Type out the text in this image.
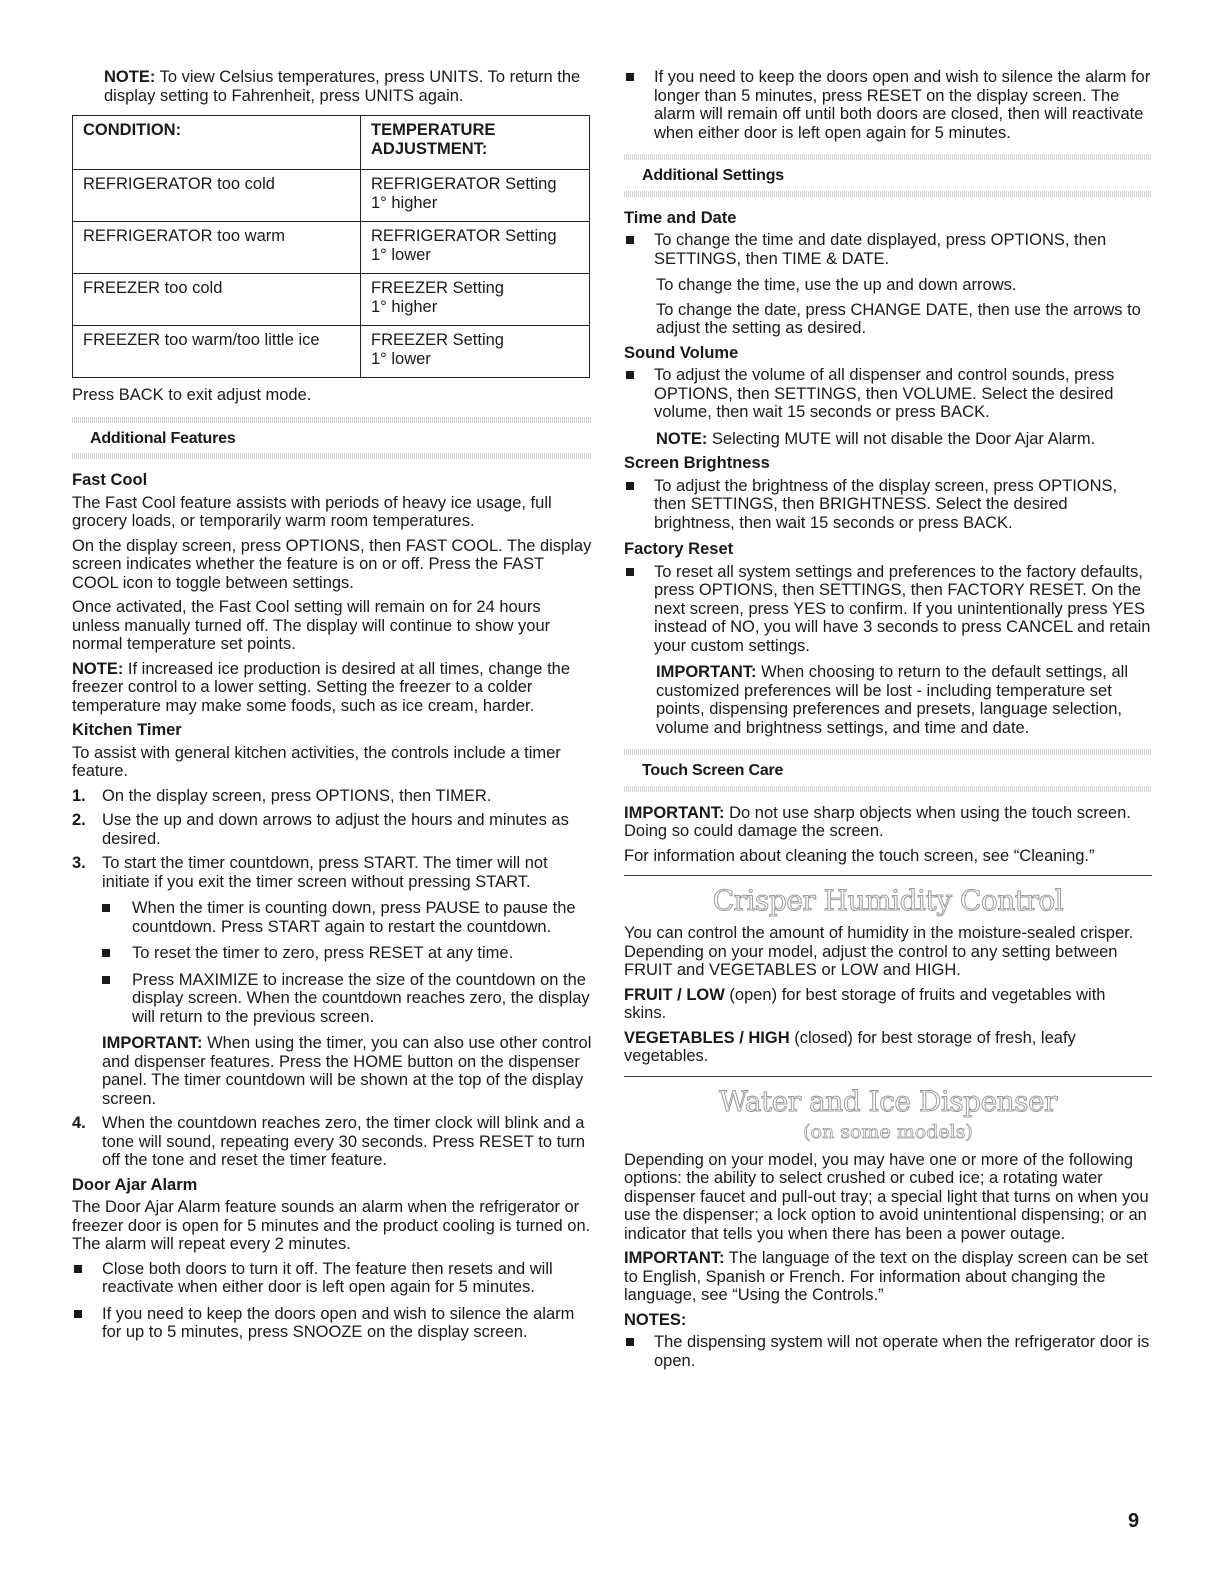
NOTE: To view Celsius temperatures, press UNITS. To return the display setting to Fahrenheit, press UNITS again.

CONDITION:	TEMPERATURE
ADJUSTMENT:
REFRIGERATOR too cold	REFRIGERATOR Setting
1° higher
REFRIGERATOR too warm	REFRIGERATOR Setting
1° lower
FREEZER too cold	FREEZER Setting
1° higher
FREEZER too warm/too little ice	FREEZER Setting
1° lower

Press BACK to exit adjust mode.

Additional Features
Fast Cool

The Fast Cool feature assists with periods of heavy ice usage, full grocery loads, or temporarily warm room temperatures.

On the display screen, press OPTIONS, then FAST COOL. The display screen indicates whether the feature is on or off. Press the FAST COOL icon to toggle between settings.

Once activated, the Fast Cool setting will remain on for 24 hours unless manually turned off. The display will continue to show your normal temperature set points.

NOTE: If increased ice production is desired at all times, change the freezer control to a lower setting. Setting the freezer to a colder temperature may make some foods, such as ice cream, harder.

Kitchen Timer

To assist with general kitchen activities, the controls include a timer feature.

1. On the display screen, press OPTIONS, then TIMER.
2. Use the up and down arrows to adjust the hours and minutes as desired.
3. To start the timer countdown, press START. The timer will not initiate if you exit the timer screen without pressing START.
When the timer is counting down, press PAUSE to pause the countdown. Press START again to restart the countdown.
To reset the timer to zero, press RESET at any time.
Press MAXIMIZE to increase the size of the countdown on the display screen. When the countdown reaches zero, the display will return to the previous screen.

IMPORTANT: When using the timer, you can also use other control and dispenser features. Press the HOME button on the dispenser panel. The timer countdown will be shown at the top of the display screen.

4. When the countdown reaches zero, the timer clock will blink and a tone will sound, repeating every 30 seconds. Press RESET to turn off the tone and reset the timer feature.
Door Ajar Alarm

The Door Ajar Alarm feature sounds an alarm when the refrigerator or freezer door is open for 5 minutes and the product cooling is turned on. The alarm will repeat every 2 minutes.

Close both doors to turn it off. The feature then resets and will reactivate when either door is left open again for 5 minutes.
If you need to keep the doors open and wish to silence the alarm for up to 5 minutes, press SNOOZE on the display screen.
If you need to keep the doors open and wish to silence the alarm for longer than 5 minutes, press RESET on the display screen. The alarm will remain off until both doors are closed, then will reactivate when either door is left open again for 5 minutes.
Additional Settings
Time and Date
To change the time and date displayed, press OPTIONS, then SETTINGS, then TIME & DATE.

To change the time, use the up and down arrows.

To change the date, press CHANGE DATE, then use the arrows to adjust the setting as desired.

Sound Volume
To adjust the volume of all dispenser and control sounds, press OPTIONS, then SETTINGS, then VOLUME. Select the desired volume, then wait 15 seconds or press BACK.

NOTE: Selecting MUTE will not disable the Door Ajar Alarm.

Screen Brightness
To adjust the brightness of the display screen, press OPTIONS, then SETTINGS, then BRIGHTNESS. Select the desired brightness, then wait 15 seconds or press BACK.
Factory Reset
To reset all system settings and preferences to the factory defaults, press OPTIONS, then SETTINGS, then FACTORY RESET. On the next screen, press YES to confirm. If you unintentionally press YES instead of NO, you will have 3 seconds to press CANCEL and retain your custom settings.

IMPORTANT: When choosing to return to the default settings, all customized preferences will be lost - including temperature set points, dispensing preferences and presets, language selection, volume and brightness settings, and time and date.

Touch Screen Care

IMPORTANT: Do not use sharp objects when using the touch screen. Doing so could damage the screen.

For information about cleaning the touch screen, see “Cleaning.”

Crisper Humidity Control

You can control the amount of humidity in the moisture-sealed crisper. Depending on your model, adjust the control to any setting between FRUIT and VEGETABLES or LOW and HIGH.

FRUIT / LOW (open) for best storage of fruits and vegetables with skins.

VEGETABLES / HIGH (closed) for best storage of fresh, leafy vegetables.

Water and Ice Dispenser
(on some models)

Depending on your model, you may have one or more of the following options: the ability to select crushed or cubed ice; a rotating water dispenser faucet and pull-out tray; a special light that turns on when you use the dispenser; a lock option to avoid unintentional dispensing; or an indicator that tells you when there has been a power outage.

IMPORTANT: The language of the text on the display screen can be set to English, Spanish or French. For information about changing the language, see “Using the Controls.”

NOTES:
The dispensing system will not operate when the refrigerator door is open.
9
